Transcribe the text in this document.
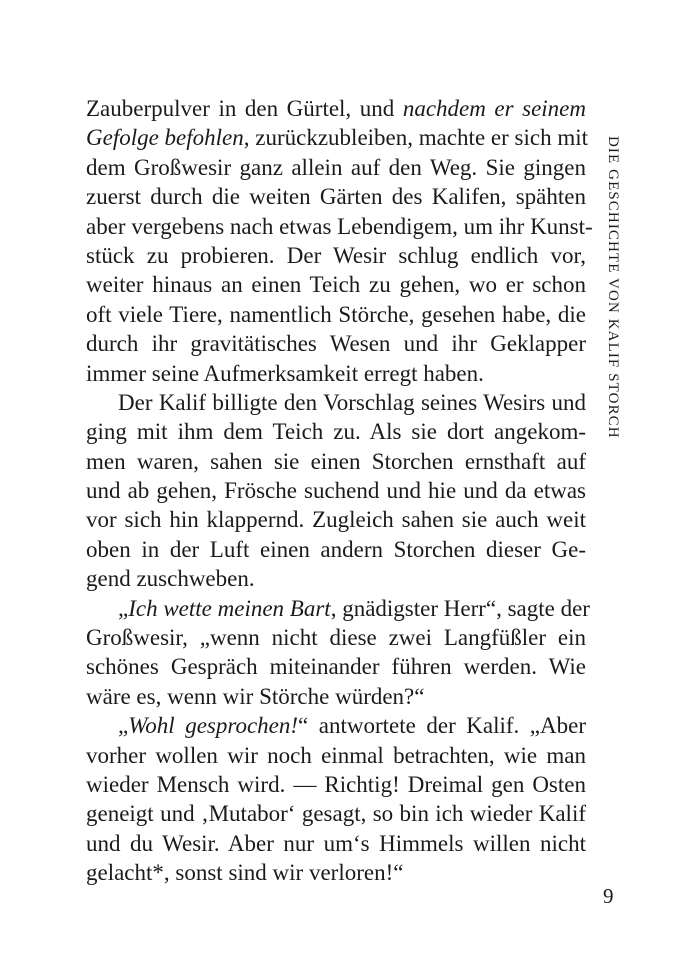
Zauberpulver in den Gürtel, und nachdem er seinem
Gefolge befohlen, zurückzubleiben, machte er sich mit
dem Großwesir ganz allein auf den Weg. Sie gingen
zuerst durch die weiten Gärten des Kalifen, spähten
aber vergebens nach etwas Lebendigem, um ihr Kunst-
stück zu probieren. Der Wesir schlug endlich vor,
weiter hinaus an einen Teich zu gehen, wo er schon
oft viele Tiere, namentlich Störche, gesehen habe, die
durch ihr gravitätisches Wesen und ihr Geklapper
immer seine Aufmerksamkeit erregt haben.
Der Kalif billigte den Vorschlag seines Wesirs und
ging mit ihm dem Teich zu. Als sie dort angekom-
men waren, sahen sie einen Storchen ernsthaft auf
und ab gehen, Frösche suchend und hie und da etwas
vor sich hin klappernd. Zugleich sahen sie auch weit
oben in der Luft einen andern Storchen dieser Ge-
gend zuschweben.
„Ich wette meinen Bart, gnädigster Herr“, sagte der
Großwesir, „wenn nicht diese zwei Langfüßler ein
schönes Gespräch miteinander führen werden. Wie
wäre es, wenn wir Störche würden?“
„Wohl gesprochen!“ antwortete der Kalif. „Aber
vorher wollen wir noch einmal betrachten, wie man
wieder Mensch wird. — Richtig! Dreimal gen Osten
geneigt und ‚Mutabor‘ gesagt, so bin ich wieder Kalif
und du Wesir. Aber nur um‘s Himmels willen nicht
gelacht*, sonst sind wir verloren!“
DIE GESCHICHTE VON KALIF STORCH
9
